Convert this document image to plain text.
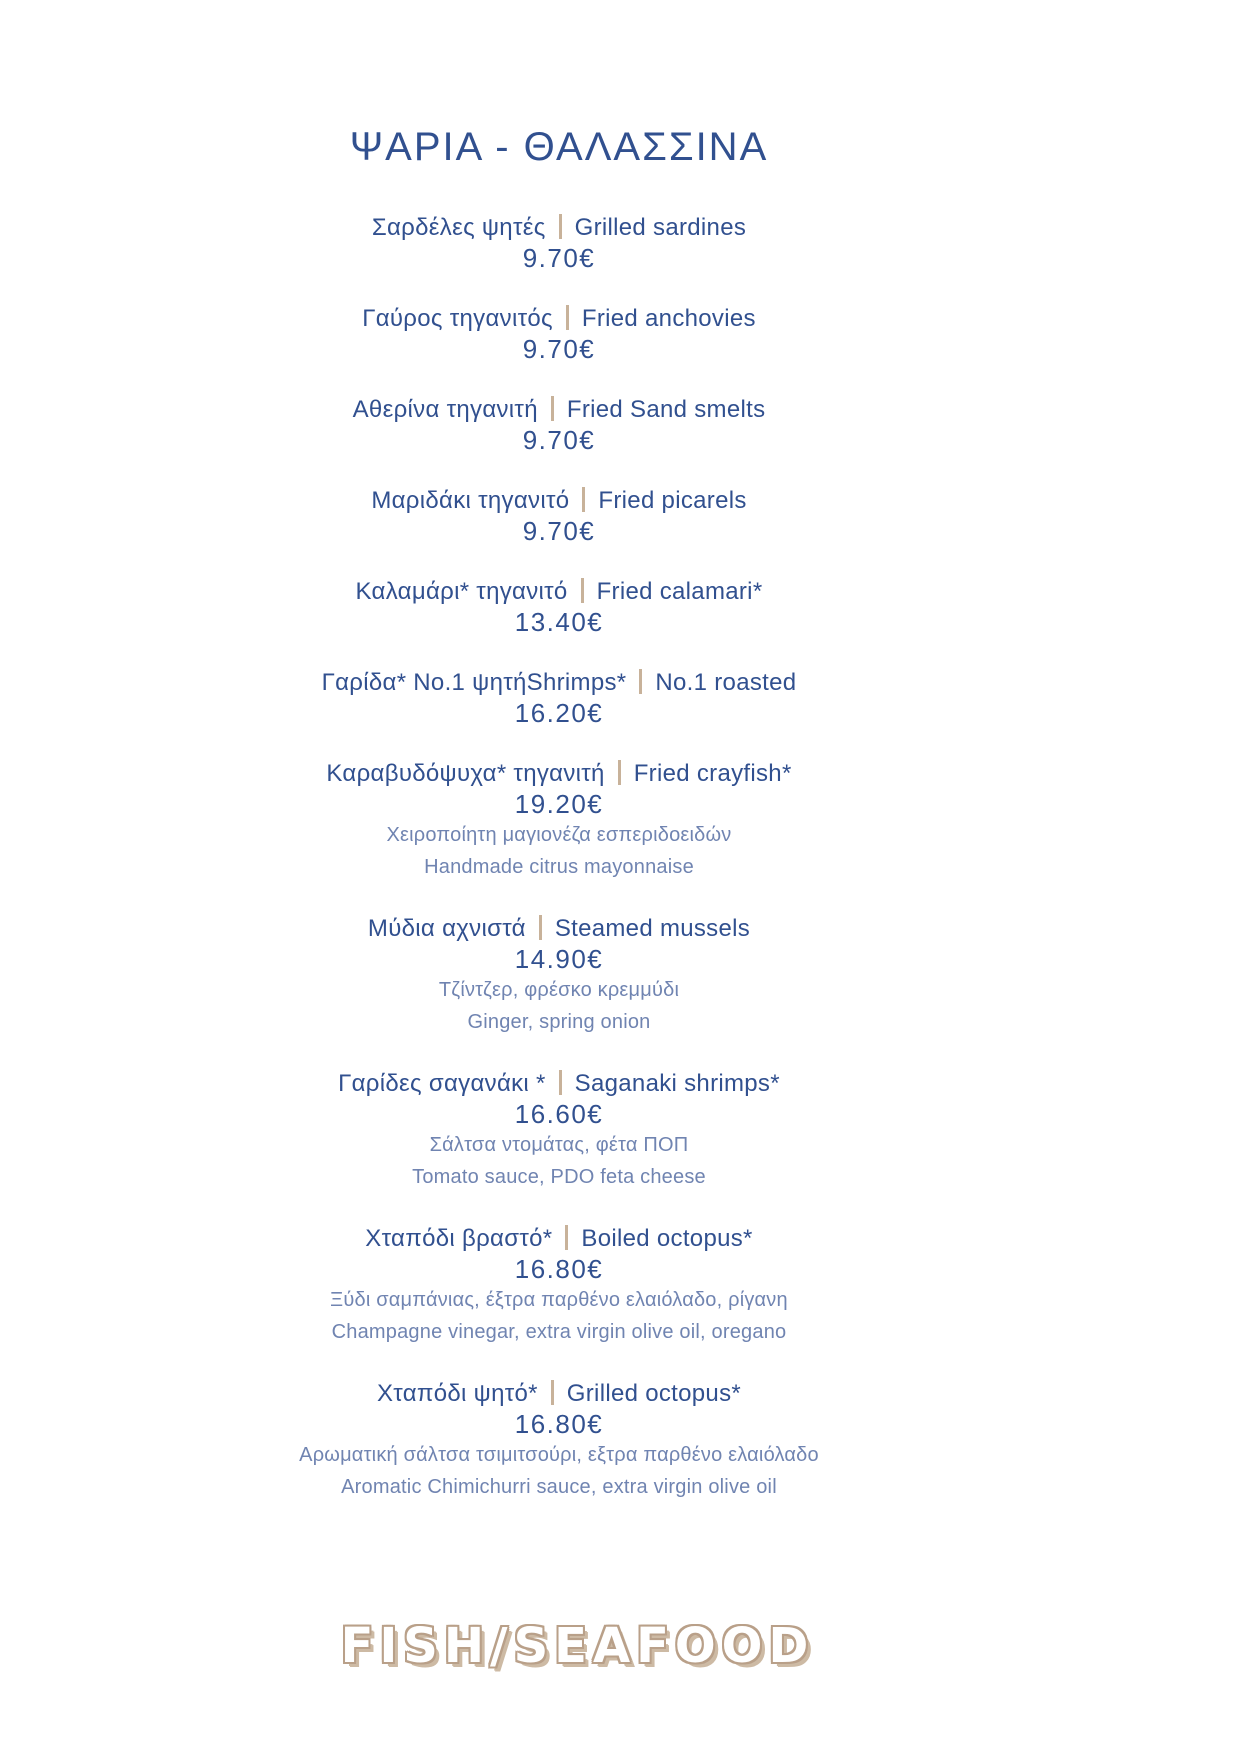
ΨΑΡΙΑ - ΘΑΛΑΣΣΙΝΑ

Σαρδέλες ψητές Grilled sardines

9.70€

Γαύρος τηγανιτός Fried anchovies

9.70€

Αθερίνα τηγανιτή Fried Sand smelts

9.70€

Μαριδάκι τηγανιτό Fried picarels

9.70€

Καλαμάρι* τηγανιτό Fried calamari*

13.40€

Γαρίδα* No.1 ψητήShrimps* No.1 roasted

16.20€

Καραβυδόψυχα* τηγανιτή Fried crayfish*

19.20€

Χειροποίητη μαγιονέζα εσπεριδοειδών

Handmade citrus mayonnaise

Μύδια αχνιστά Steamed mussels

14.90€

Τζίντζερ, φρέσκο κρεμμύδι

Ginger, spring onion

Γαρίδες σαγανάκι * Saganaki shrimps*

16.60€

Σάλτσα ντομάτας, φέτα ΠΟΠ

Tomato sauce, PDO feta cheese

Χταπόδι βραστό* Boiled octopus*

16.80€

Ξύδι σαμπάνιας, έξτρα παρθένο ελαιόλαδο, ρίγανη

Champagne vinegar, extra virgin olive oil, oregano

Χταπόδι ψητό* Grilled octopus*

16.80€

Αρωματική σάλτσα τσιμιτσούρι, εξτρα παρθένο ελαιόλαδο

Aromatic Chimichurri sauce, extra virgin olive oil

FISH/SEAFOOD
